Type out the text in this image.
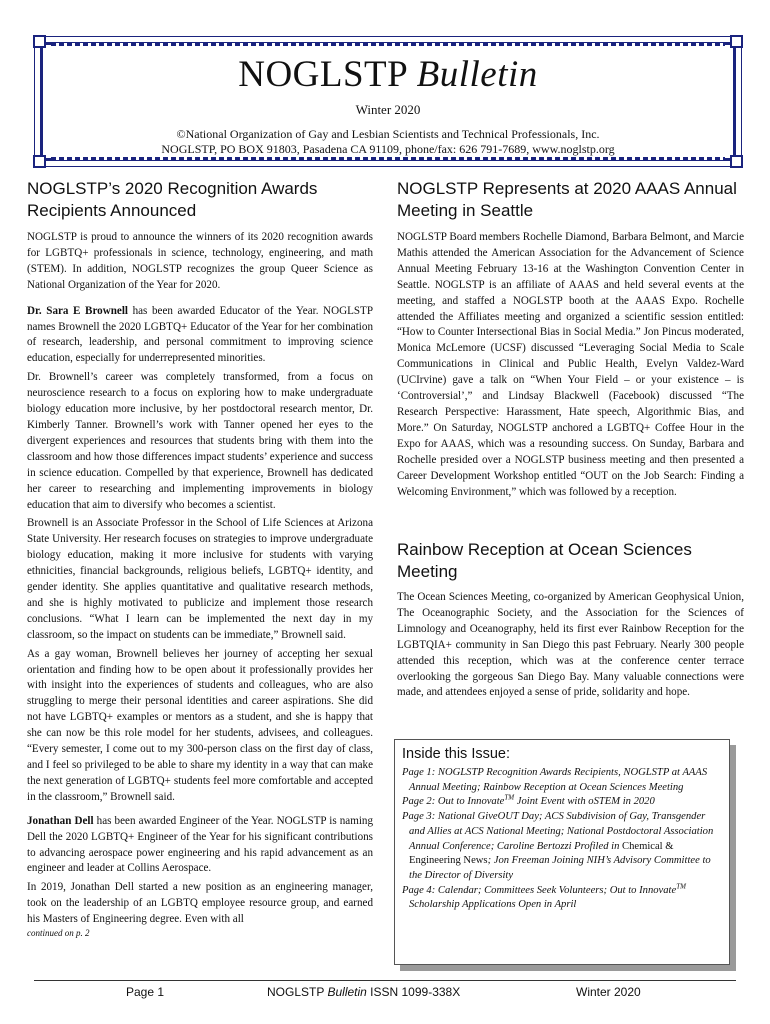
NOGLSTP Bulletin
Winter 2020
©National Organization of Gay and Lesbian Scientists and Technical Professionals, Inc.
NOGLSTP, PO BOX 91803, Pasadena CA 91109, phone/fax: 626 791-7689, www.noglstp.org
NOGLSTP’s 2020 Recognition Awards Recipients Announced

NOGLSTP is proud to announce the winners of its 2020 recognition awards for LGBTQ+ professionals in science, technology, engineering, and math (STEM). In addition, NOGLSTP recognizes the group Queer Science as National Organization of the Year for 2020.

Dr. Sara E Brownell has been awarded Educator of the Year. NOGLSTP names Brownell the 2020 LGBTQ+ Educator of the Year for her combination of research, leadership, and personal commitment to improving science education, especially for underrepresented minorities.

Dr. Brownell’s career was completely transformed, from a focus on neuroscience research to a focus on exploring how to make undergraduate biology education more inclusive, by her postdoctoral research mentor, Dr. Kimberly Tanner. Brownell’s work with Tanner opened her eyes to the divergent experiences and resources that students bring with them into the classroom and how those differences impact students’ experience and success in science education. Compelled by that experience, Brownell has dedicated her career to researching and implementing improvements in biology education that aim to diversify who becomes a scientist.

Brownell is an Associate Professor in the School of Life Sciences at Arizona State University. Her research focuses on strategies to improve undergraduate biology education, making it more inclusive for students with varying ethnicities, financial backgrounds, religious beliefs, LGBTQ+ identity, and gender identity. She applies quantitative and qualitative research methods, and she is highly motivated to publicize and implement those research conclusions. “What I learn can be implemented the next day in my classroom, so the impact on students can be immediate,” Brownell said.

As a gay woman, Brownell believes her journey of accepting her sexual orientation and finding how to be open about it professionally provides her with insight into the experiences of students and colleagues, who are also struggling to merge their personal identities and career aspirations. She did not have LGBTQ+ examples or mentors as a student, and she is happy that she can now be this role model for her students, advisees, and colleagues. “Every semester, I come out to my 300-person class on the first day of class, and I feel so privileged to be able to share my identity in a way that can make the next generation of LGBTQ+ students feel more comfortable and accepted in the classroom,” Brownell said.

Jonathan Dell has been awarded Engineer of the Year. NOGLSTP is naming Dell the 2020 LGBTQ+ Engineer of the Year for his significant contributions to advancing aerospace power engineering and his rapid advancement as an engineer and leader at Collins Aerospace.

In 2019, Jonathan Dell started a new position as an engineering manager, took on the leadership of an LGBTQ employee resource group, and earned his Masters of Engineering degree. Even with all

continued on p. 2
NOGLSTP Represents at 2020 AAAS Annual Meeting in Seattle

NOGLSTP Board members Rochelle Diamond, Barbara Belmont, and Marcie Mathis attended the American Association for the Advancement of Science Annual Meeting February 13-16 at the Washington Convention Center in Seattle. NOGLSTP is an affiliate of AAAS and held several events at the meeting, and staffed a NOGLSTP booth at the AAAS Expo. Rochelle attended the Affiliates meeting and organized a scientific session entitled: “How to Counter Intersectional Bias in Social Media.” Jon Pincus moderated, Monica McLemore (UCSF) discussed “Leveraging Social Media to Scale Communications in Clinical and Public Health, Evelyn Valdez-Ward (UCIrvine) gave a talk on “When Your Field – or your existence – is ‘Controversial’,” and Lindsay Blackwell (Facebook) discussed “The Research Perspective: Harassment, Hate speech, Algorithmic Bias, and More.” On Saturday, NOGLSTP anchored a LGBTQ+ Coffee Hour in the Expo for AAAS, which was a resounding success. On Sunday, Barbara and Rochelle presided over a NOGLSTP business meeting and then presented a Career Development Workshop entitled “OUT on the Job Search: Finding a Welcoming Environment,” which was followed by a reception.

Rainbow Reception at Ocean Sciences Meeting

The Ocean Sciences Meeting, co-organized by American Geophysical Union, The Oceanographic Society, and the Association for the Sciences of Limnology and Oceanography, held its first ever Rainbow Reception for the LGBTQIA+ community in San Diego this past February. Nearly 300 people attended this reception, which was at the conference center terrace overlooking the gorgeous San Diego Bay. Many valuable connections were made, and attendees enjoyed a sense of pride, solidarity and hope.

Inside this Issue:

Page 1: NOGLSTP Recognition Awards Recipients, NOGLSTP at AAAS Annual Meeting; Rainbow Reception at Ocean Sciences Meeting

Page 2: Out to Innovate™ Joint Event with oSTEM in 2020

Page 3: National GiveOUT Day; ACS Subdivision of Gay, Transgender and Allies at ACS National Meeting; National Postdoctoral Association Annual Conference; Caroline Bertozzi Profiled in Chemical & Engineering News; Jon Freeman Joining NIH’s Advisory Committee to the Director of Diversity

Page 4: Calendar; Committees Seek Volunteers; Out to Innovate™ Scholarship Applications Open in April

Page 1	NOGLSTP Bulletin ISSN 1099-338X	Winter 2020
